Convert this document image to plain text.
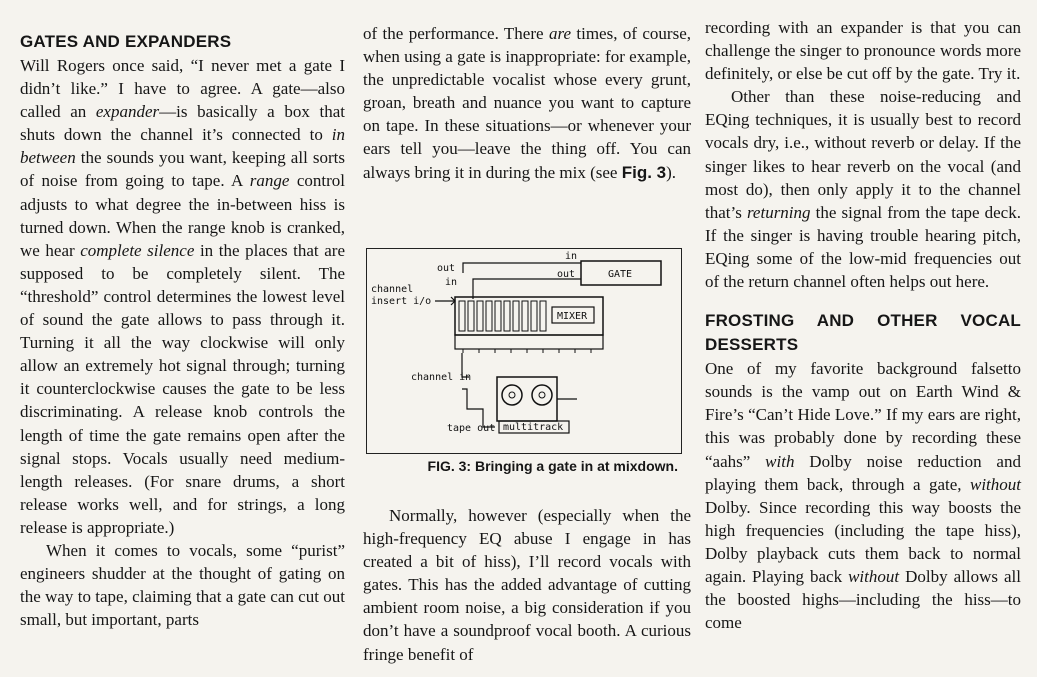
GATES AND EXPANDERS

Will Rogers once said, “I never met a gate I didn’t like.” I have to agree. A gate—also called an expander—is basically a box that shuts down the channel it’s connected to in between the sounds you want, keeping all sorts of noise from going to tape. A range control adjusts to what degree the in-between hiss is turned down. When the range knob is cranked, we hear complete silence in the places that are supposed to be completely silent. The “threshold” control determines the lowest level of sound the gate allows to pass through it. Turning it all the way clockwise will only allow an extremely hot signal through; turning it counterclockwise causes the gate to be less discriminating. A release knob controls the length of time the gate remains open after the signal stops. Vocals usually need medium-length releases. (For snare drums, a short release works well, and for strings, a long release is appropriate.)

When it comes to vocals, some “purist” engineers shudder at the thought of gating on the way to tape, claiming that a gate can cut out small, but important, parts

of the performance. There are times, of course, when using a gate is inappropriate: for example, the unpredictable vocalist whose every grunt, groan, breath and nuance you want to capture on tape. In these situations—or whenever your ears tell you—leave the thing off. You can always bring it in during the mix (see Fig. 3).

GATE
in
out
out
in
channel
insert i/o
MIXER
channel in
multitrack
tape out
FIG. 3: Bringing a gate in at mixdown.

Normally, however (especially when the high-frequency EQ abuse I engage in has created a bit of hiss), I’ll record vocals with gates. This has the added advantage of cutting ambient room noise, a big consideration if you don’t have a soundproof vocal booth. A curious fringe benefit of

recording with an expander is that you can challenge the singer to pronounce words more definitely, or else be cut off by the gate. Try it.

Other than these noise-reducing and EQing techniques, it is usually best to record vocals dry, i.e., without reverb or delay. If the singer likes to hear reverb on the vocal (and most do), then only apply it to the channel that’s returning the signal from the tape deck. If the singer is having trouble hearing pitch, EQing some of the low-mid frequencies out of the return channel often helps out here.

FROSTING AND OTHER VOCAL DESSERTS

One of my favorite background falsetto sounds is the vamp out on Earth Wind & Fire’s “Can’t Hide Love.” If my ears are right, this was probably done by recording these “aahs” with Dolby noise reduction and playing them back, through a gate, without Dolby. Since recording this way boosts the high frequencies (including the tape hiss), Dolby playback cuts them back to normal again. Playing back without Dolby allows all the boosted highs—including the hiss—to come
